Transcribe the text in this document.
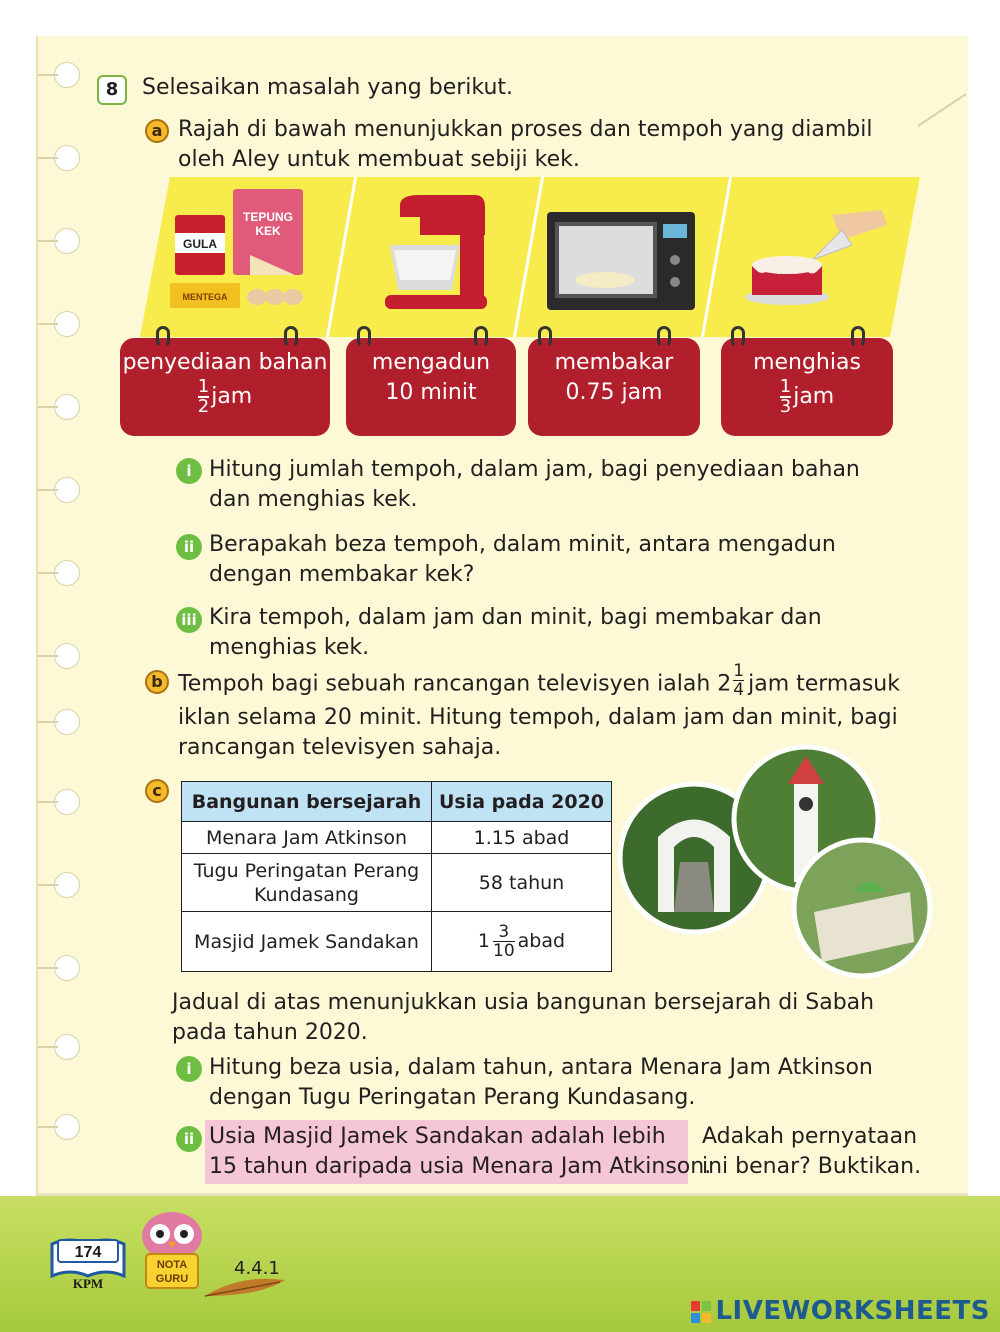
8	Selesaikan masalah yang berikut.
a Rajah di bawah menunjukkan proses dan tempoh yang diambil
oleh Aley untuk membuat sebiji kek.
GULA
TEPUNG
KEK
MENTEGA
penyediaan bahan
$\frac{1}{2}$ jam
mengadun
10 minit
membakar
0.75 jam
menghias
$\frac{1}{3}$ jam
i Hitung jumlah tempoh, dalam jam, bagi penyediaan bahan
dan menghias kek.
ii Berapakah beza tempoh, dalam minit, antara mengadun
dengan membakar kek?
iii Kira tempoh, dalam jam dan minit, bagi membakar dan
menghias kek.
b Tempoh bagi sebuah rancangan televisyen ialah $2 \frac{1}{4}$ jam termasuk
iklan selama 20 minit. Hitung tempoh, dalam jam dan minit, bagi
rancangan televisyen sahaja.
c	Bangunan bersejarah	Usia pada 2020
Menara Jam Atkinson	1.15 abad

Tugu Peringatan Perang
Kundasang	58 tahun
Masjid Jamek Sandakan	$1 \frac{3}{10}$ abad
Jadual di atas menunjukkan usia bangunan bersejarah di Sabah
pada tahun 2020.
i Hitung beza usia, dalam tahun, antara Menara Jam Atkinson
dengan Tugu Peringatan Perang Kundasang.
ii Usia Masjid Jamek Sandakan adalah lebih
15 tahun daripada usia Menara Jam Atkinson.
Adakah pernyataan
ini benar? Buktikan.
174
KPM
NOTA
GURU	4.4.1
LIVEWORKSHEETS
